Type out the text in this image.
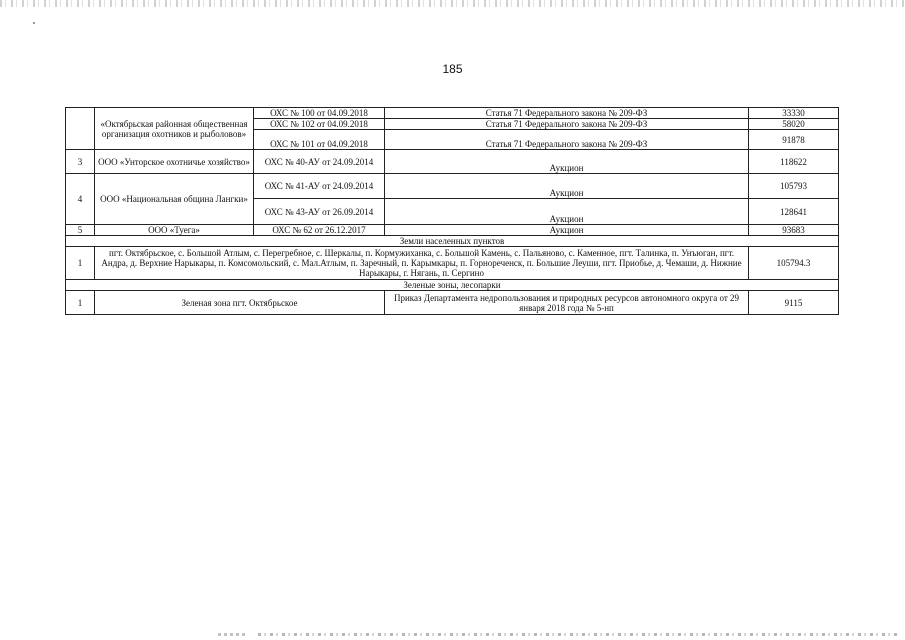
185
	«Октябрьская районная общественная организация охотников и рыболовов»	ОХС № 100 от 04.09.2018	Статья 71 Федерального закона № 209-ФЗ	33330
		ОХС № 102 от 04.09.2018	Статья 71 Федерального закона № 209-ФЗ	58020
		ОХС № 101 от 04.09.2018	Статья 71 Федерального закона № 209-ФЗ	91878
3	ООО «Унторское охотничье хозяйство»	ОХС № 40-АУ от 24.09.2014	Аукцион	118622
4	ООО «Национальная община Лангки»	ОХС № 41-АУ от 24.09.2014	Аукцион	105793
		ОХС № 43-АУ от 26.09.2014	Аукцион	128641
5	ООО «Туега»	ОХС № 62 от 26.12.2017	Аукцион	93683
Земли населенных пунктов				
1	пгт. Октябрьское, с. Большой Атлым, с. Перегребное, с. Шеркалы, п. Кормужиханка, с. Большой Камень, с. Пальяново, с. Каменное, пгт. Талинка, п. Унъюган, пгт. Андра, д. Верхние Нарыкары, п. Комсомольский, с. Мал.Атлым, п. Заречный, п. Карымкары, п. Горнореченск, п. Большие Леуши, пгт. Приобье, д. Чемаши, д. Нижние Нарыкары, г. Нягань, п. Сергино			105794.3
Зеленые зоны, лесопарки				
1	Зеленая зона пгт. Октябрьское		Приказ Департамента недропользования и природных ресурсов автономного округа от 29 января 2018 года № 5-нп	9115
